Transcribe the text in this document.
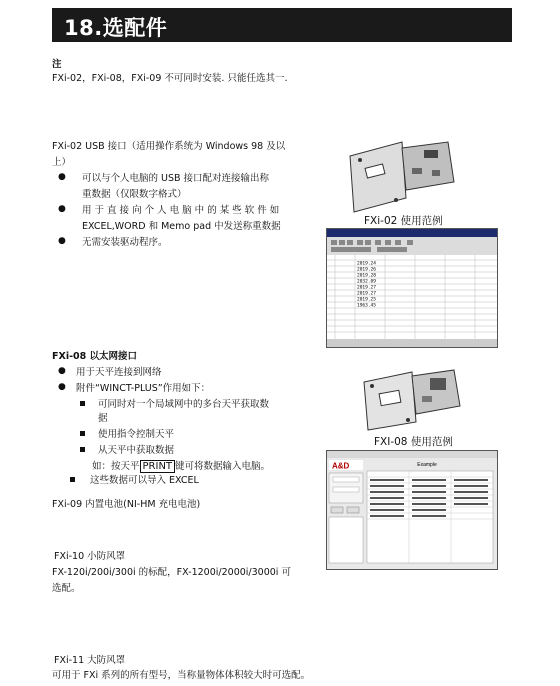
18.选配件
注
FXi-02，FXi-08，FXi-09 不可同时安装. 只能任选其一.
FXi-02 USB 接口（适用操作系统为 Windows 98 及以
上）
● 可以与个人电脑的 USB 接口配对连接输出称
重数据（仅限数字格式）
● 用 于 直 接 向 个 人 电 脑 中 的 某 些 软 件 如
EXCEL,WORD 和 Memo pad 中发送称重数据
● 无需安装驱动程序。
FXi-02 使用范例
2019.24
2019.26
2019.28
2032.09
2019.27
2019.27
2019.25
1963.45
FXi-08 以太网接口
● 用于天平连接到网络
● 附件“WINCT-PLUS”作用如下：
可同时对一个局域网中的多台天平获取数
据
使用指令控制天平
从天平中获取数据
如：按天平 PRINT 键可将数据输入电脑。
这些数据可以导入 EXCEL
FXI-08 使用范例
A&D	Example
FXi-09 内置电池(NI-HM 充电电池)
FXi-10 小防风罩
FX-120i/200i/300i 的标配，FX-1200i/2000i/3000i 可
选配。
FXi-11 大防风罩
可用于 FXi 系列的所有型号，当称量物体体积较大时可选配。
